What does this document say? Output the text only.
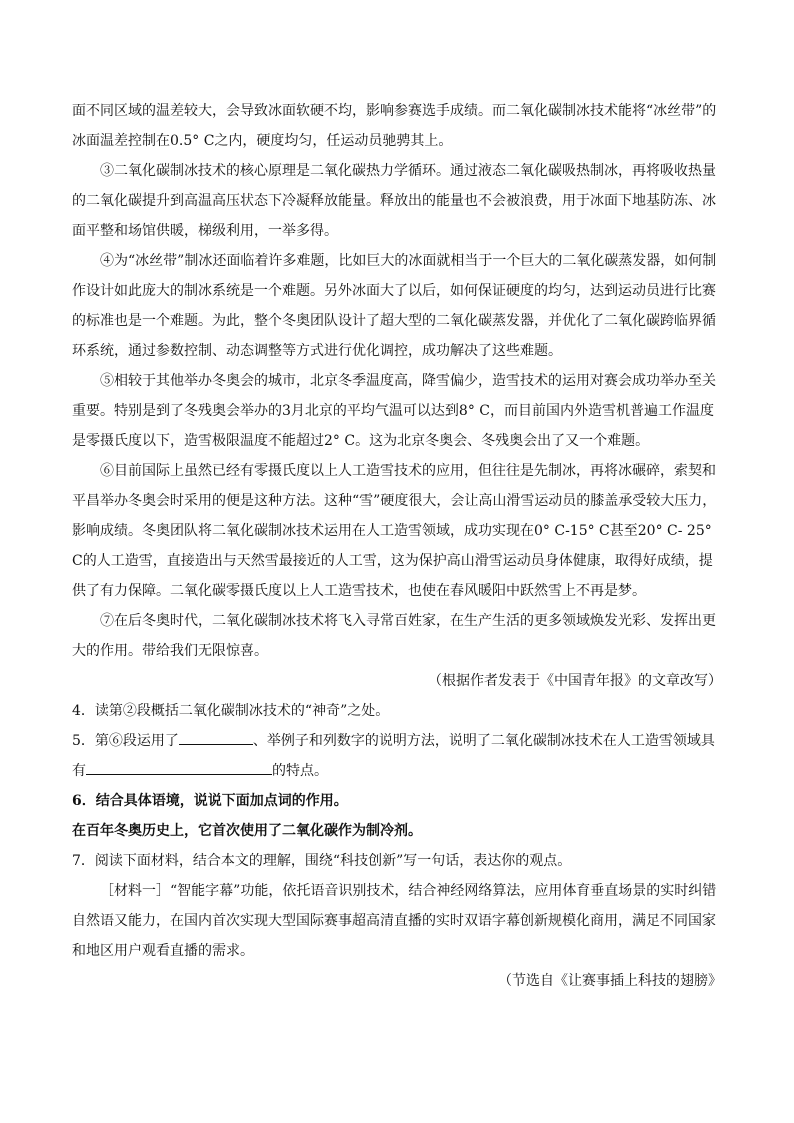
面不同区域的温差较大，会导致冰面软硬不均，影响参赛选手成绩。而二氧化碳制冰技术能将“冰丝带”的冰面温差控制在0.5° C之内，硬度均匀，任运动员驰骋其上。

③二氧化碳制冰技术的核心原理是二氧化碳热力学循环。通过液态二氧化碳吸热制冰，再将吸收热量的二氧化碳提升到高温高压状态下冷凝释放能量。释放出的能量也不会被浪费，用于冰面下地基防冻、冰面平整和场馆供暖，梯级利用，一举多得。

④为“冰丝带”制冰还面临着许多难题，比如巨大的冰面就相当于一个巨大的二氧化碳蒸发器，如何制作设计如此庞大的制冰系统是一个难题。另外冰面大了以后，如何保证硬度的均匀，达到运动员进行比赛的标准也是一个难题。为此，整个冬奥团队设计了超大型的二氧化碳蒸发器，并优化了二氧化碳跨临界循环系统，通过参数控制、动态调整等方式进行优化调控，成功解决了这些难题。

⑤相较于其他举办冬奥会的城市，北京冬季温度高，降雪偏少，造雪技术的运用对赛会成功举办至关重要。特别是到了冬残奥会举办的3月北京的平均气温可以达到8° C，而目前国内外造雪机普遍工作温度是零摄氏度以下，造雪极限温度不能超过2° C。这为北京冬奥会、冬残奥会出了又一个难题。

⑥目前国际上虽然已经有零摄氏度以上人工造雪技术的应用，但往往是先制冰，再将冰碾碎，索契和平昌举办冬奥会时采用的便是这种方法。这种“雪”硬度很大，会让高山滑雪运动员的膝盖承受较大压力，影响成绩。冬奥团队将二氧化碳制冰技术运用在人工造雪领域，成功实现在0° C-15° C甚至20° C- 25° C的人工造雪，直接造出与天然雪最接近的人工雪，这为保护高山滑雪运动员身体健康，取得好成绩，提供了有力保障。二氧化碳零摄氏度以上人工造雪技术，也使在春风暖阳中跃然雪上不再是梦。

⑦在后冬奥时代，二氧化碳制冰技术将飞入寻常百姓家，在生产生活的更多领域焕发光彩、发挥出更大的作用。带给我们无限惊喜。

（根据作者发表于《中国青年报》的文章改写）

4．读第②段概括二氧化碳制冰技术的“神奇”之处。

5．第⑥段运用了	、举例子和列数字的说明方法，说明了二氧化碳制冰技术在人工造雪领域具
有	的特点。

6．结合具体语境，说说下面加点词的作用。

在百年冬奥历史上，它首次使用了二氧化碳作为制冷剂。

7．阅读下面材料，结合本文的理解，围绕“科技创新”写一句话，表达你的观点。

［材料一］“智能字幕”功能，依托语音识别技术，结合神经网络算法，应用体育垂直场景的实时纠错自然语又能力，在国内首次实现大型国际赛事超高清直播的实时双语字幕创新规模化商用，满足不同国家和地区用户观看直播的需求。

（节选自《让赛事插上科技的翅膀》
